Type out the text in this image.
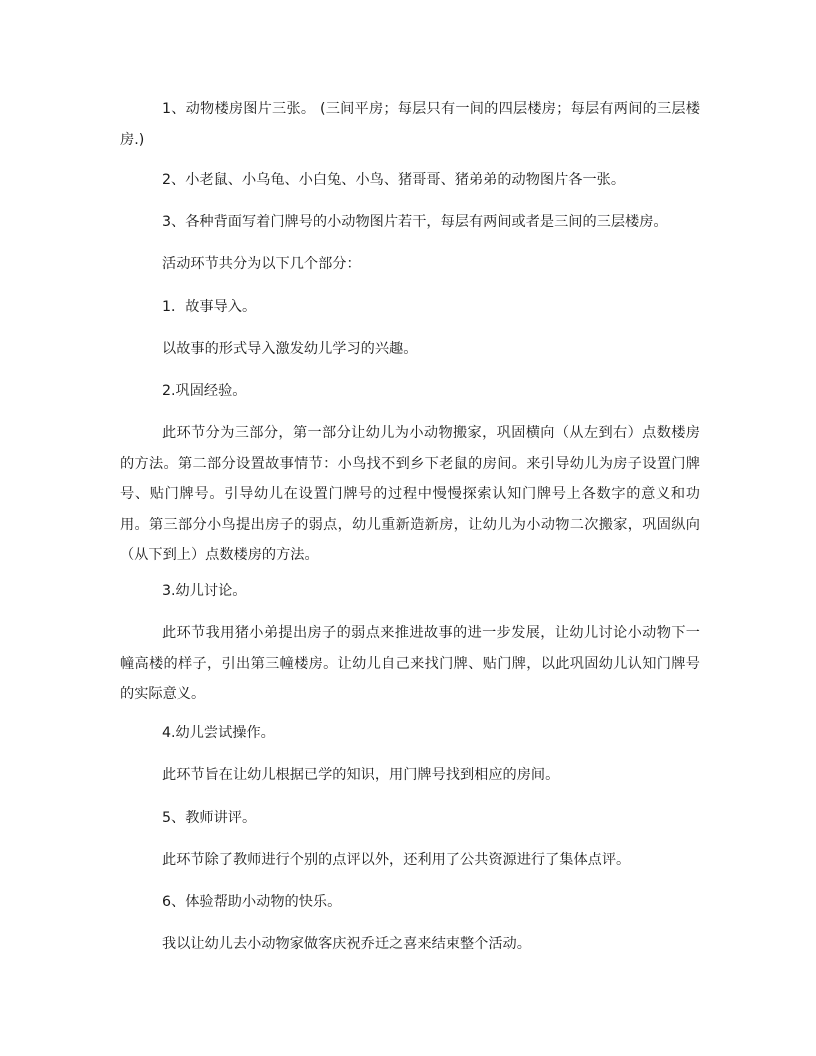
1、动物楼房图片三张。 (三间平房；每层只有一间的四层楼房；每层有两间的三层楼房.)

2、小老鼠、小乌龟、小白兔、小鸟、猪哥哥、猪弟弟的动物图片各一张。

3、各种背面写着门牌号的小动物图片若干，每层有两间或者是三间的三层楼房。

活动环节共分为以下几个部分：

1．故事导入。

以故事的形式导入激发幼儿学习的兴趣。

2.巩固经验。

此环节分为三部分，第一部分让幼儿为小动物搬家，巩固横向（从左到右）点数楼房的方法。第二部分设置故事情节：小鸟找不到乡下老鼠的房间。来引导幼儿为房子设置门牌号、贴门牌号。引导幼儿在设置门牌号的过程中慢慢探索认知门牌号上各数字的意义和功用。第三部分小鸟提出房子的弱点，幼儿重新造新房，让幼儿为小动物二次搬家，巩固纵向（从下到上）点数楼房的方法。

3.幼儿讨论。

此环节我用猪小弟提出房子的弱点来推进故事的进一步发展，让幼儿讨论小动物下一幢高楼的样子，引出第三幢楼房。让幼儿自己来找门牌、贴门牌，以此巩固幼儿认知门牌号的实际意义。

4.幼儿尝试操作。

此环节旨在让幼儿根据已学的知识，用门牌号找到相应的房间。

5、教师讲评。

此环节除了教师进行个别的点评以外，还利用了公共资源进行了集体点评。

6、体验帮助小动物的快乐。

我以让幼儿去小动物家做客庆祝乔迁之喜来结束整个活动。
